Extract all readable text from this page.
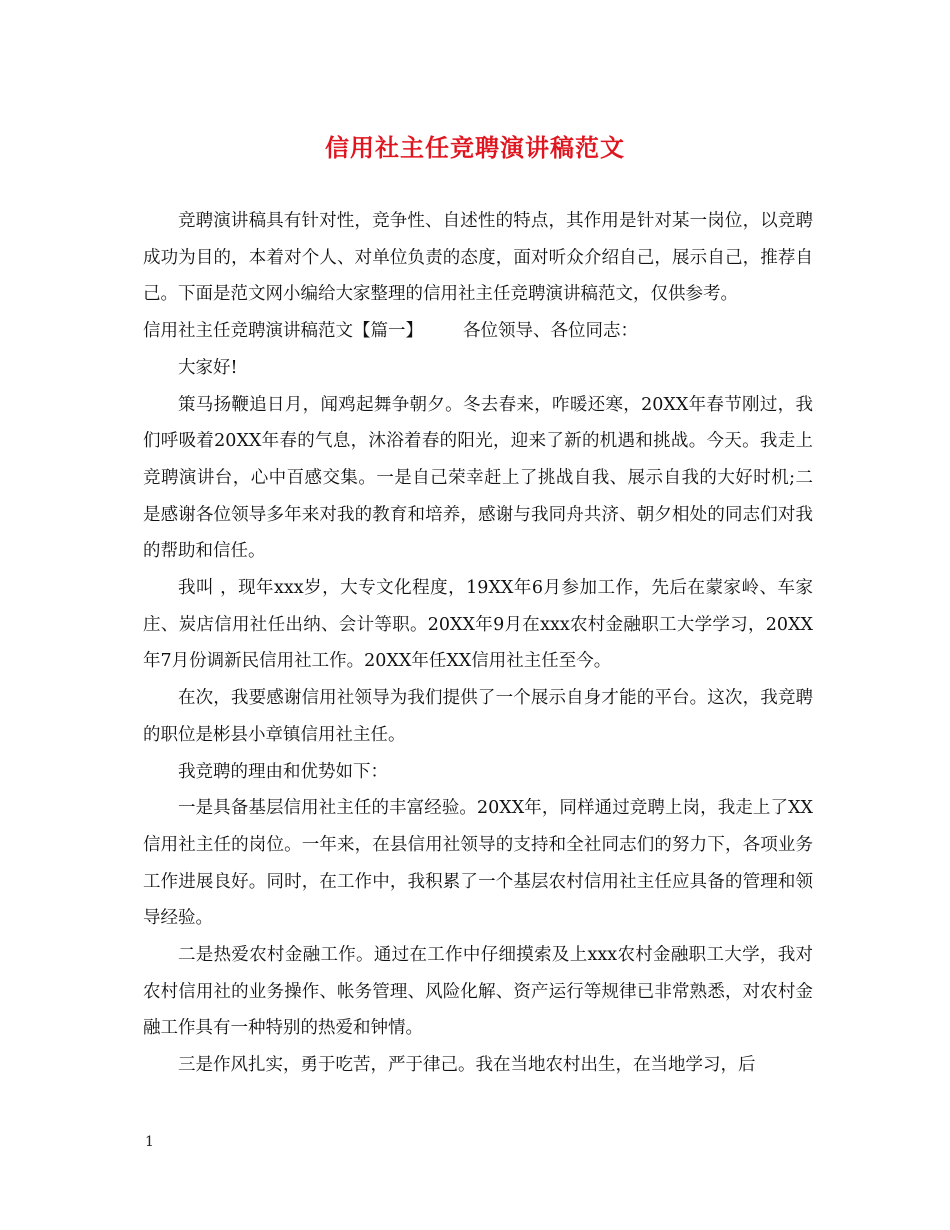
信用社主任竞聘演讲稿范文

竞聘演讲稿具有针对性，竞争性、自述性的特点，其作用是针对某一岗位，以竞聘成功为目的，本着对个人、对单位负责的态度，面对听众介绍自己，展示自己，推荐自己。下面是范文网小编给大家整理的信用社主任竞聘演讲稿范文，仅供参考。

信用社主任竞聘演讲稿范文【篇一】 各位领导、各位同志：

大家好!

策马扬鞭追日月，闻鸡起舞争朝夕。冬去春来，咋暖还寒，20XX年春节刚过，我们呼吸着20XX年春的气息，沐浴着春的阳光，迎来了新的机遇和挑战。今天。我走上竞聘演讲台，心中百感交集。一是自己荣幸赶上了挑战自我、展示自我的大好时机;二是感谢各位领导多年来对我的教育和培养，感谢与我同舟共济、朝夕相处的同志们对我的帮助和信任。

我叫 ，现年xxx岁，大专文化程度，19XX年6月参加工作，先后在蒙家岭、车家庄、炭店信用社任出纳、会计等职。20XX年9月在xxx农村金融职工大学学习，20XX年7月份调新民信用社工作。20XX年任XX信用社主任至今。

在次，我要感谢信用社领导为我们提供了一个展示自身才能的平台。这次，我竞聘的职位是彬县小章镇信用社主任。

我竞聘的理由和优势如下：

一是具备基层信用社主任的丰富经验。20XX年，同样通过竞聘上岗，我走上了XX信用社主任的岗位。一年来，在县信用社领导的支持和全社同志们的努力下，各项业务工作进展良好。同时，在工作中，我积累了一个基层农村信用社主任应具备的管理和领导经验。

二是热爱农村金融工作。通过在工作中仔细摸索及上xxx农村金融职工大学，我对农村信用社的业务操作、帐务管理、风险化解、资产运行等规律已非常熟悉，对农村金融工作具有一种特别的热爱和钟情。

三是作风扎实，勇于吃苦，严于律己。我在当地农村出生，在当地学习，后

1
